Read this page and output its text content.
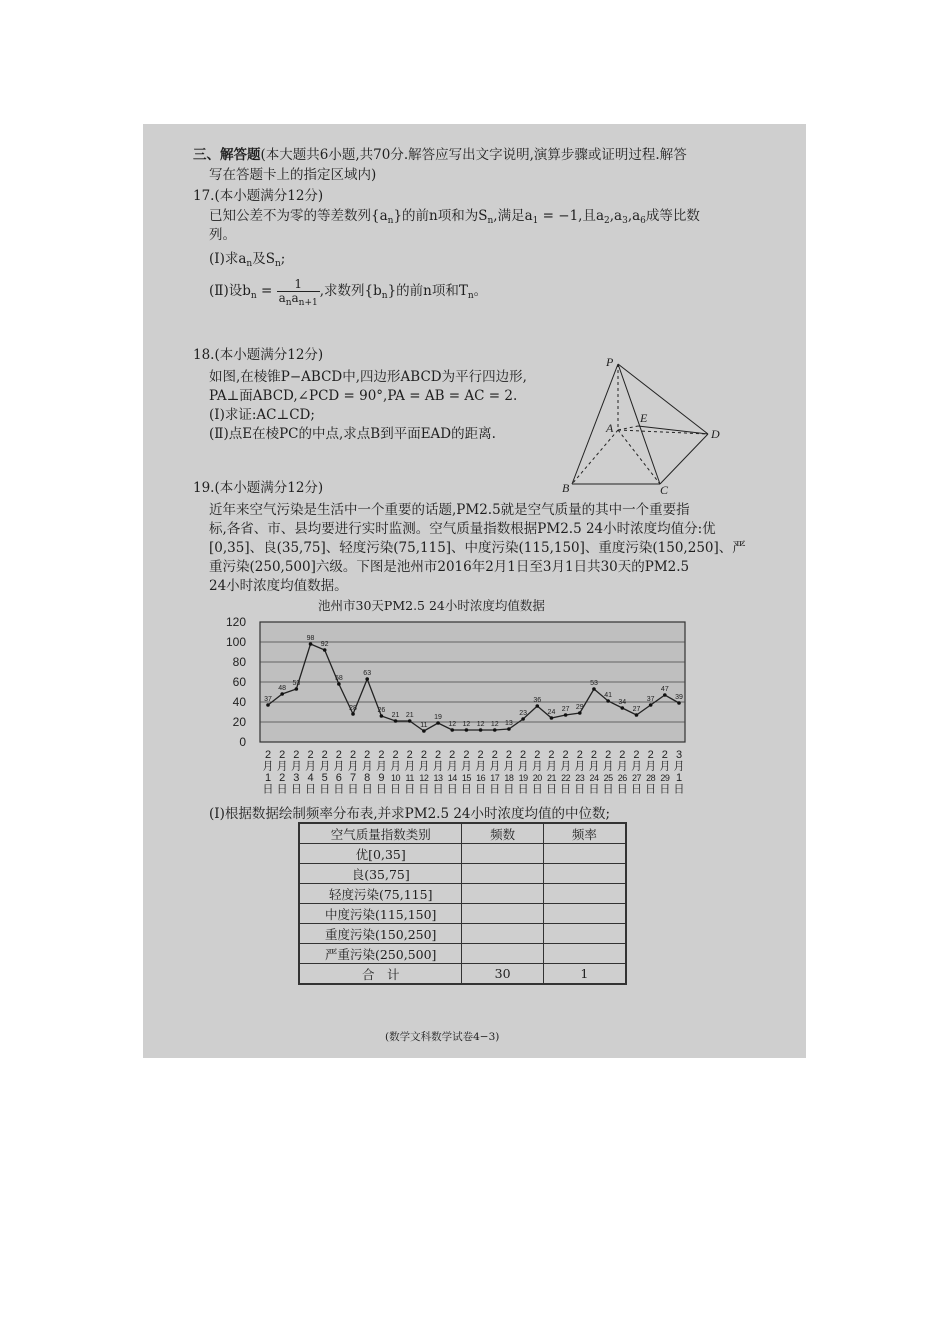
三、解答题(本大题共6小题,共70分.解答应写出文字说明,演算步骤或证明过程.解答
写在答题卡上的指定区域内)
17.(本小题满分12分)
已知公差不为零的等差数列$\{a_n\}$的前n项和为$S_n$,满足$a_1 = -1$,且$a_2,a_3,a_6$成等比数
列。
(Ⅰ)求$a_n$及$S_n$;
(Ⅱ)设$b_n = \frac{1}{a_na_{n+1}}$ ,求数列$\{b_n\}$的前n项和$T_n$。
18.(本小题满分12分)
如图,在棱锥P−ABCD中,四边形ABCD为平行四边形,
PA⊥面ABCD,∠PCD = 90°,PA = AB = AC = 2.
(Ⅰ)求证:AC⊥CD;
(Ⅱ)点E在棱PC的中点,求点B到平面EAD的距离.
P
A
B	C
D
E
19.(本小题满分12分)
近年来空气污染是生活中一个重要的话题,PM2.5就是空气质量的其中一个重要指
标,各省、市、县均要进行实时监测。空气质量指数根据PM2.5 24小时浓度均值分:优
[0,35]、良(35,75]、轻度污染(75,115]、中度污染(115,150]、重度污染(150,250]、严
重污染(250,500]六级。下图是池州市2016年2月1日至3月1日共30天的PM2.5
24小时浓度均值数据。
池州市30天PM2.5 24小时浓度均值数据
0
20
40
60
80
100
120
37
48
53
98
92
58
28
63
26
21 21
11
19
12 12 12 12 13
23
36
24 27 29
53
41
34
27
37
47
39
2 月 1 日
2 月 2 日
2 月 3 日
2 月 4 日
2 月 5 日
2 月 6 日
2 月 7 日
2 月 8 日
2 月 9 日
2 月 10 日
2 月 11 日
2 月 12 日
2 月 13 日
2 月 14 日
2 月 15 日
2 月 16 日
2 月 17 日
2 月 18 日
2 月 19 日
2 月 20 日
2 月 21 日
2 月 22 日
2 月 23 日
2 月 24 日
2 月 25 日
2 月 26 日
2 月 27 日
2 月 28 日
2 月 29 日
3 月 1 日
(Ⅰ)根据数据绘制频率分布表,并求PM2.5 24小时浓度均值的中位数;
空气质量指数类别	频数	频率
优[0,35]		
良(35,75]		
轻度污染(75,115]		
中度污染(115,150]		
重度污染(150,250]		
严重污染(250,500]		
合　计	30	1
(数学文科数学试卷4−3)
